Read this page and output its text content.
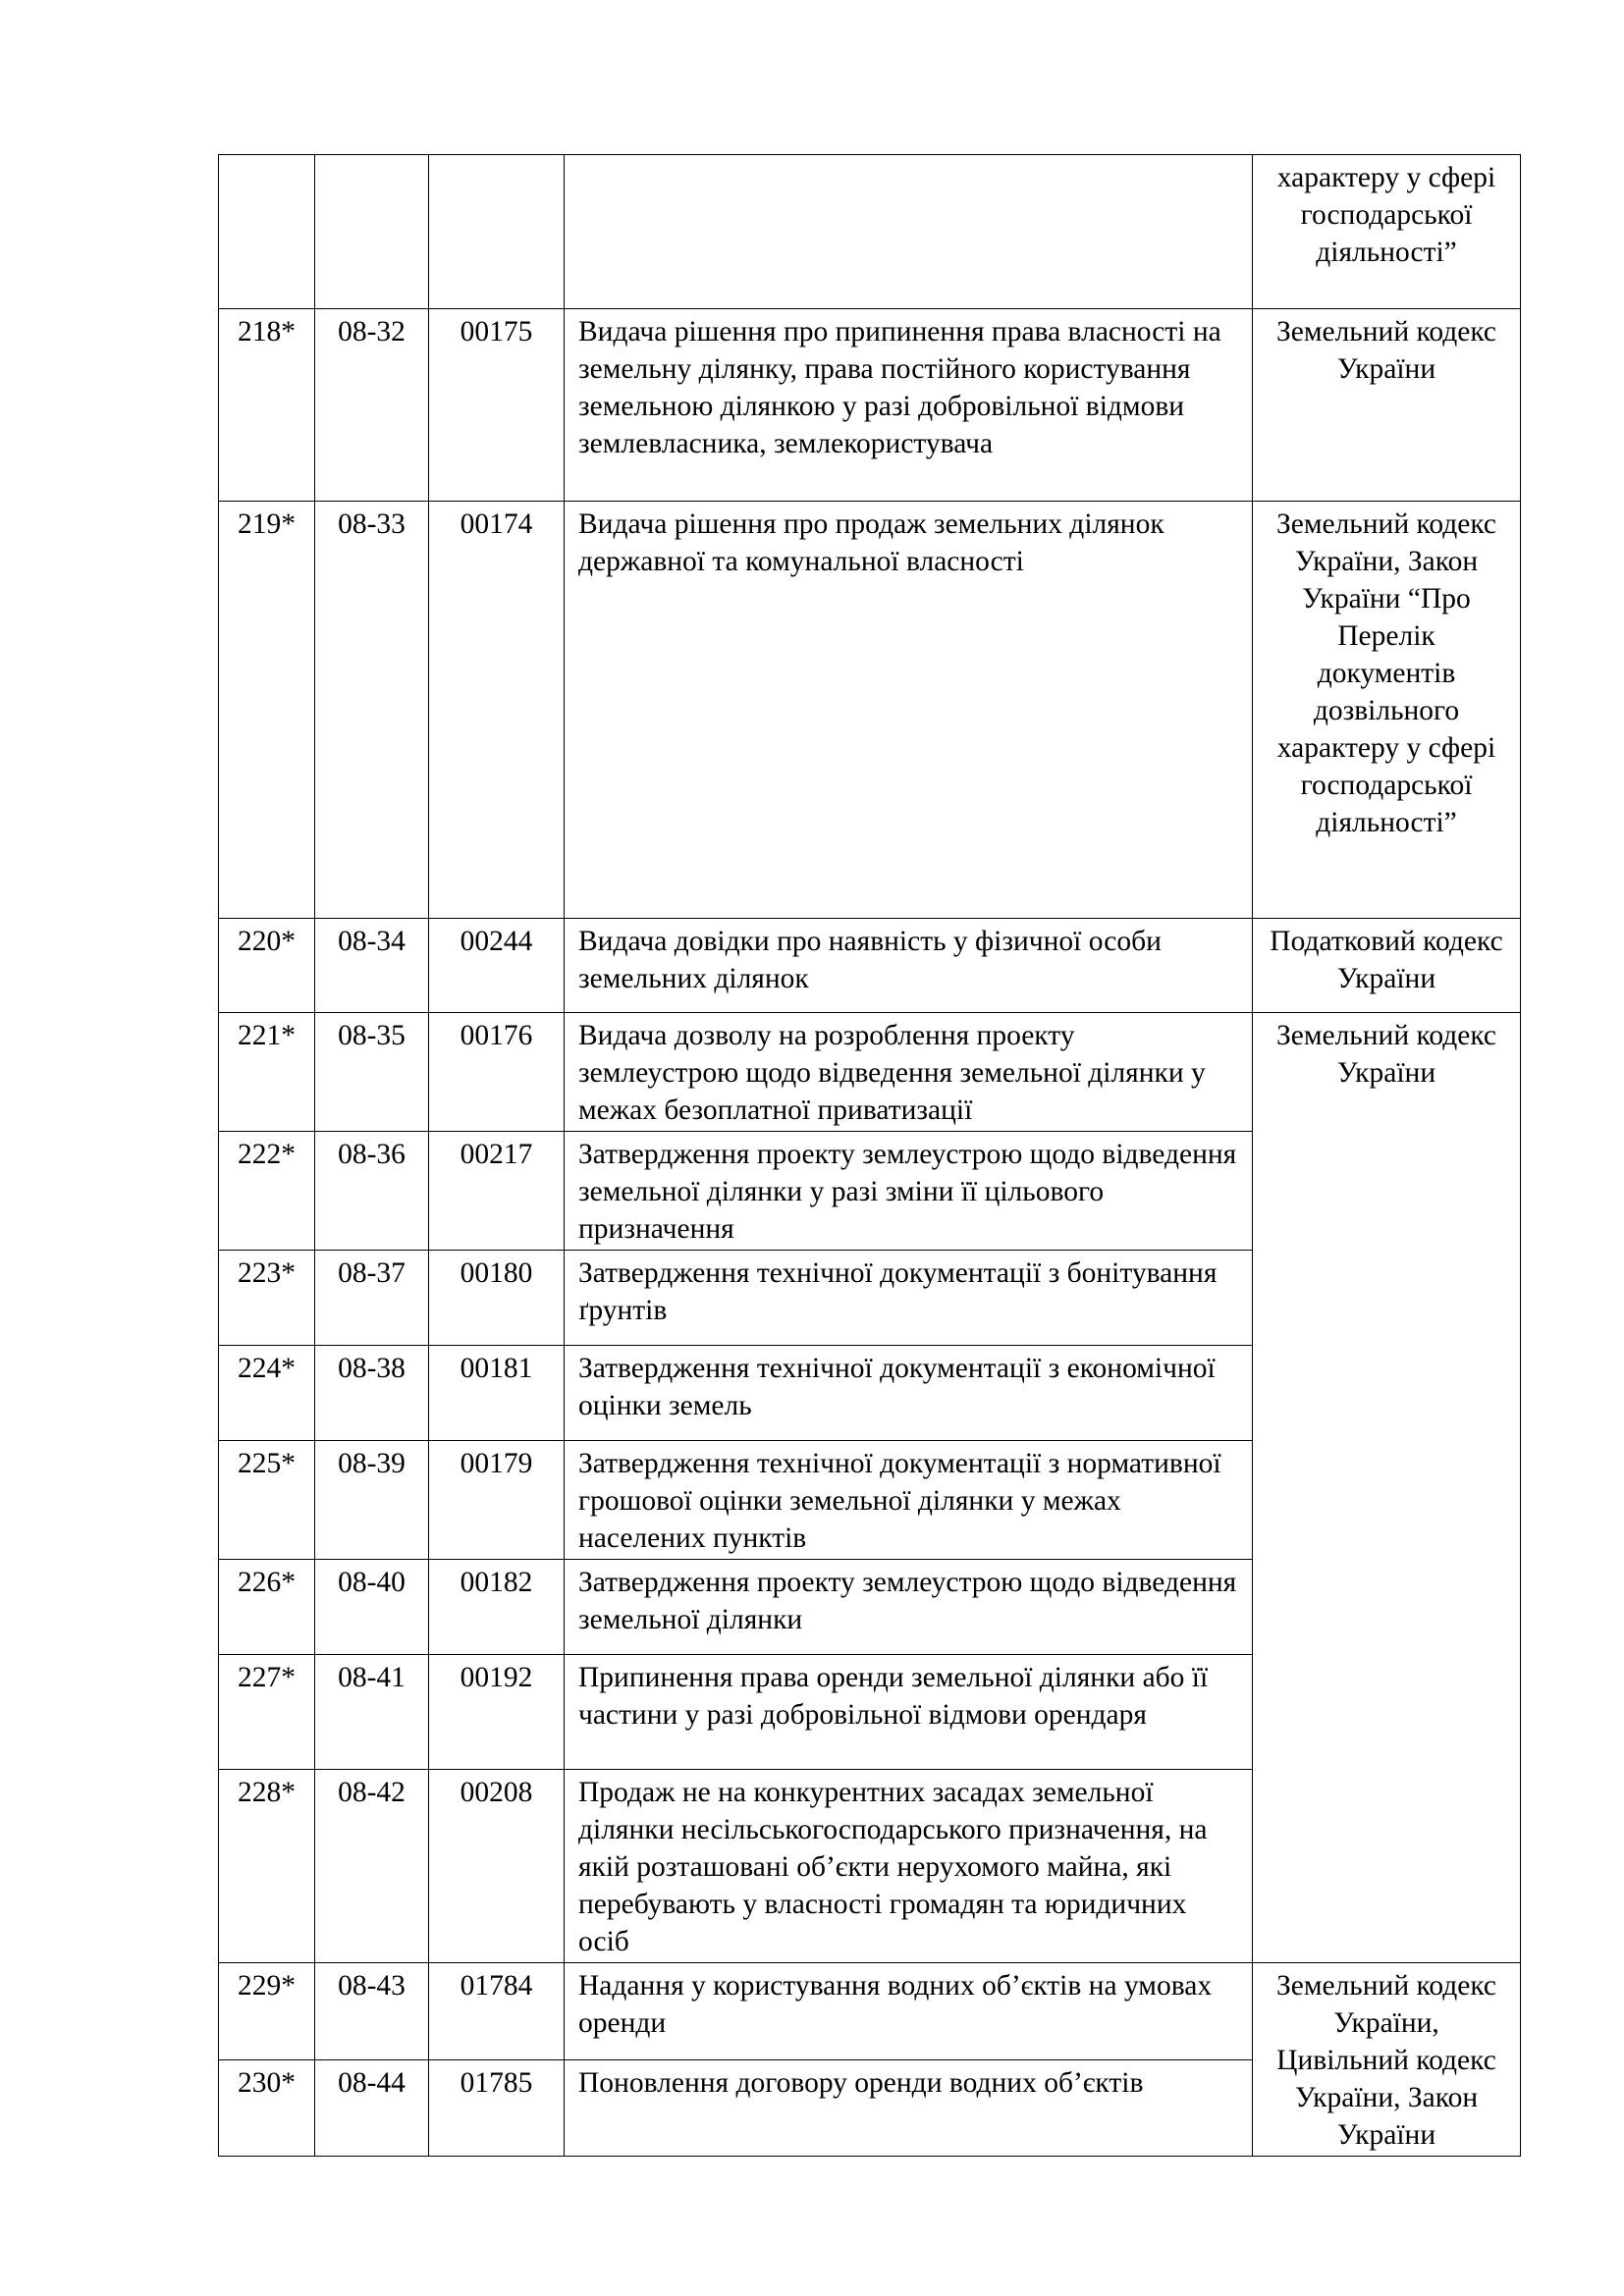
				характеру у сфері господарської діяльності”
218*	08-32	00175	Видача рішення про припинення права власності на земельну ділянку, права постійного користування земельною ділянкою у разі добровільної відмови землевласника, землекористувача	Земельний кодекс України
219*	08-33	00174	Видача рішення про продаж земельних ділянок державної та комунальної власності	Земельний кодекс України, Закон України “Про Перелік документів дозвільного характеру у сфері господарської діяльності”
220*	08-34	00244	Видача довідки про наявність у фізичної особи земельних ділянок	Податковий кодекс України
221*	08-35	00176	Видача дозволу на розроблення проекту землеустрою щодо відведення земельної ділянки у межах безоплатної приватизації	Земельний кодекс України
222*	08-36	00217	Затвердження проекту землеустрою щодо відведення земельної ділянки у разі зміни її цільового призначення	
223*	08-37	00180	Затвердження технічної документації з бонітування ґрунтів	
224*	08-38	00181	Затвердження технічної документації з економічної оцінки земель	
225*	08-39	00179	Затвердження технічної документації з нормативної грошової оцінки земельної ділянки у межах населених пунктів	
226*	08-40	00182	Затвердження проекту землеустрою щодо відведення земельної ділянки	
227*	08-41	00192	Припинення права оренди земельної ділянки або її частини у разі добровільної відмови орендаря	
228*	08-42	00208	Продаж не на конкурентних засадах земельної ділянки несільськогосподарського призначення, на якій розташовані об’єкти нерухомого майна, які перебувають у власності громадян та юридичних осіб	
229*	08-43	01784	Надання у користування водних об’єктів на умовах оренди	Земельний кодекс України, Цивільний кодекс України, Закон України
230*	08-44	01785	Поновлення договору оренди водних об’єктів	
